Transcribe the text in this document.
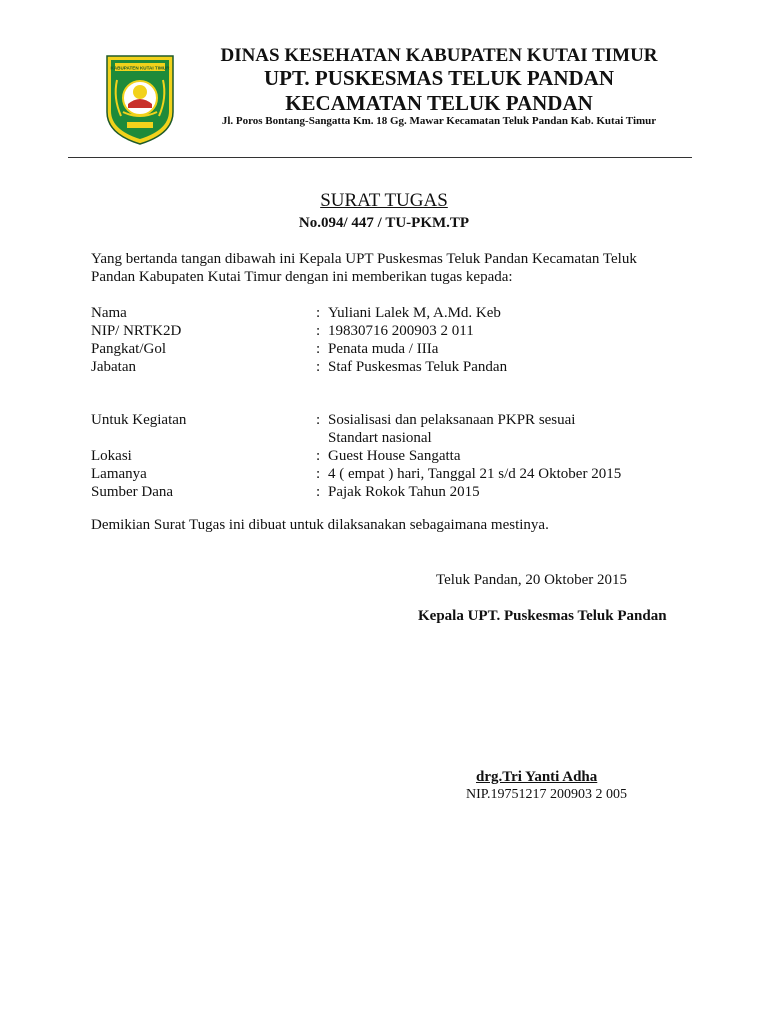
KABUPATEN KUTAI TIMUR
DINAS KESEHATAN KABUPATEN KUTAI TIMUR
UPT. PUSKESMAS TELUK PANDAN
KECAMATAN TELUK PANDAN
Jl. Poros Bontang-Sangatta Km. 18 Gg. Mawar Kecamatan Teluk Pandan Kab. Kutai Timur
SURAT TUGAS
No.094/ 447 / TU-PKM.TP
Yang bertanda tangan dibawah ini Kepala UPT Puskesmas Teluk Pandan Kecamatan Teluk
Pandan Kabupaten Kutai Timur dengan ini memberikan tugas kepada:
Nama	: Yuliani Lalek M, A.Md. Keb
NIP/ NRTK2D	: 19830716 200903 2 011
Pangkat/Gol	: Penata muda / IIIa
Jabatan	: Staf Puskesmas Teluk Pandan
Untuk Kegiatan	: Sosialisasi dan pelaksanaan PKPR sesuai
Standart nasional
Lokasi	: Guest House Sangatta
Lamanya	: 4 ( empat ) hari, Tanggal 21 s/d 24 Oktober 2015
Sumber Dana	: Pajak Rokok Tahun 2015
Demikian Surat Tugas ini dibuat untuk dilaksanakan sebagaimana mestinya.
Teluk Pandan, 20 Oktober 2015
Kepala UPT. Puskesmas Teluk Pandan
drg.Tri Yanti Adha
NIP.19751217 200903 2 005
